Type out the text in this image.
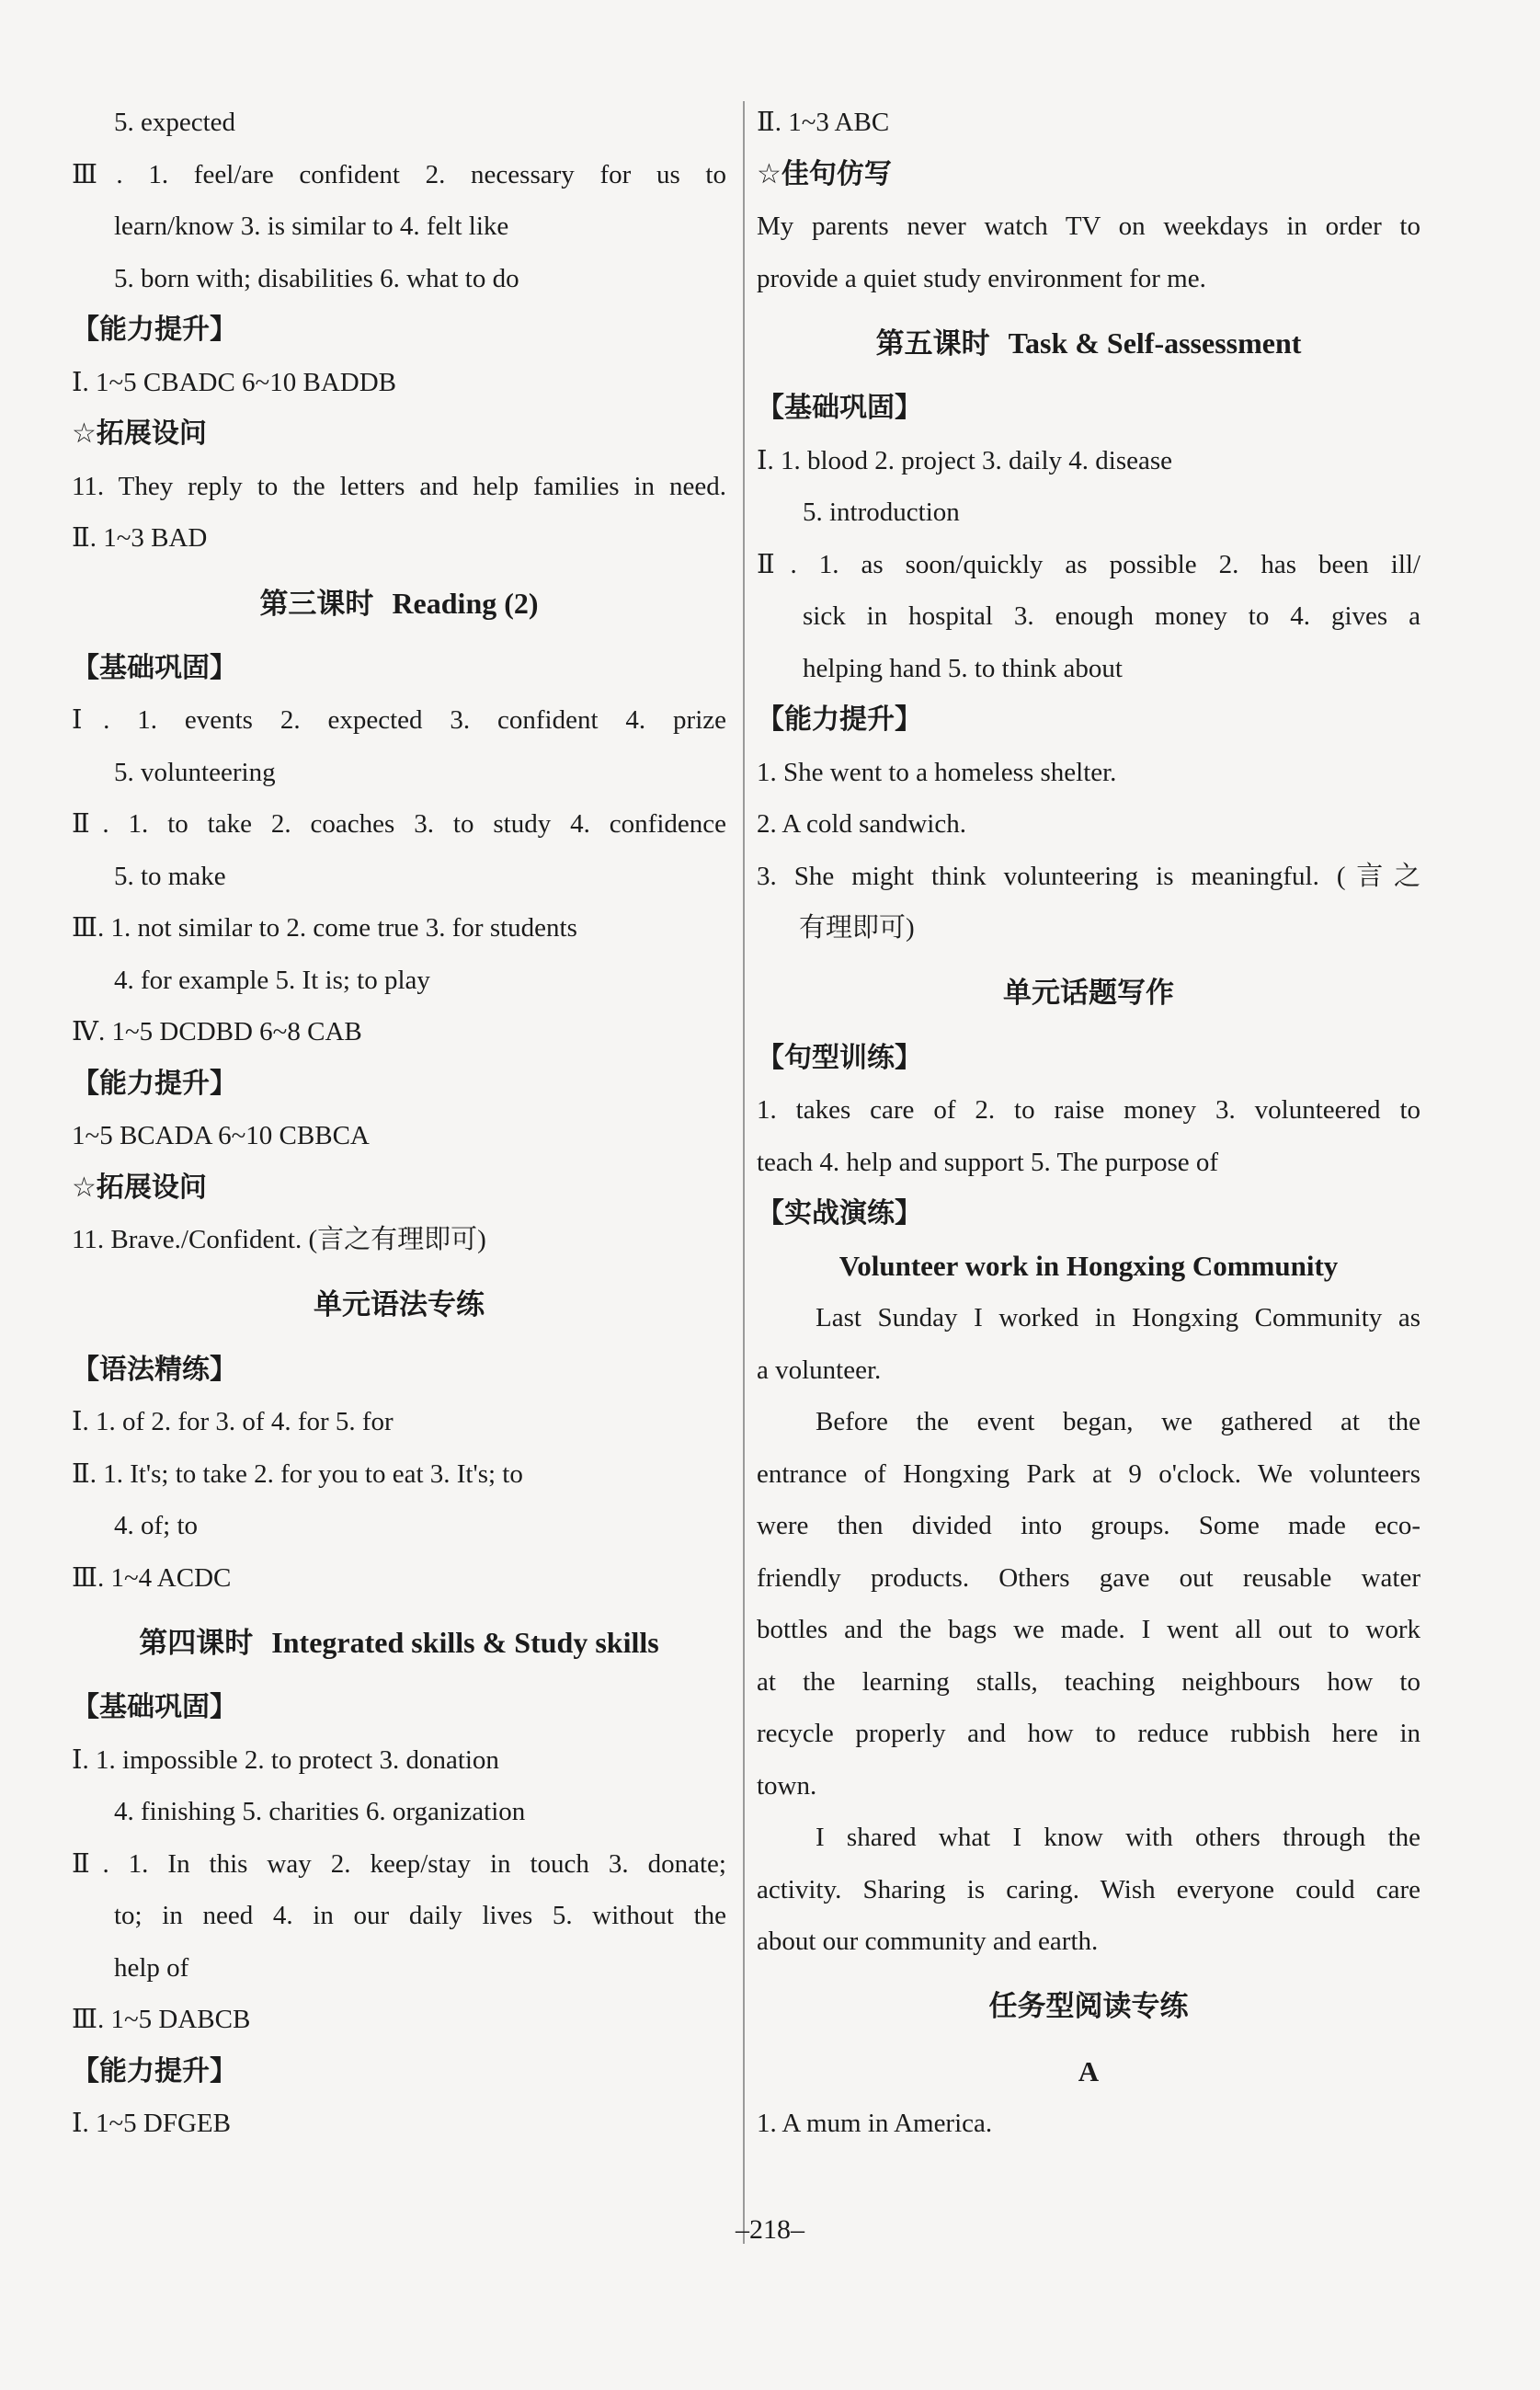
5. expected
Ⅲ. 1. feel/are confident 2. necessary for us to
learn/know 3. is similar to 4. felt like
5. born with; disabilities 6. what to do
【能力提升】
Ⅰ. 1~5 CBADC 6~10 BADDB
☆拓展设问
11. They reply to the letters and help families in need.
Ⅱ. 1~3 BAD
第三课时 Reading (2)
【基础巩固】
Ⅰ. 1. events 2. expected 3. confident 4. prize
5. volunteering
Ⅱ. 1. to take 2. coaches 3. to study 4. confidence
5. to make
Ⅲ. 1. not similar to 2. come true 3. for students
4. for example 5. It is; to play
Ⅳ. 1~5 DCDBD 6~8 CAB
【能力提升】
1~5 BCADA 6~10 CBBCA
☆拓展设问
11. Brave./Confident. (言之有理即可)
单元语法专练
【语法精练】
Ⅰ. 1. of 2. for 3. of 4. for 5. for
Ⅱ. 1. It's; to take 2. for you to eat 3. It's; to
4. of; to
Ⅲ. 1~4 ACDC
第四课时 Integrated skills & Study skills
【基础巩固】
Ⅰ. 1. impossible 2. to protect 3. donation
4. finishing 5. charities 6. organization
Ⅱ. 1. In this way 2. keep/stay in touch 3. donate;
to; in need 4. in our daily lives 5. without the
help of
Ⅲ. 1~5 DABCB
【能力提升】
Ⅰ. 1~5 DFGEB
Ⅱ. 1~3 ABC
☆佳句仿写
My parents never watch TV on weekdays in order to
provide a quiet study environment for me.
第五课时 Task & Self-assessment
【基础巩固】
Ⅰ. 1. blood 2. project 3. daily 4. disease
5. introduction
Ⅱ. 1. as soon/quickly as possible 2. has been ill/
sick in hospital 3. enough money to 4. gives a
helping hand 5. to think about
【能力提升】
1. She went to a homeless shelter.
2. A cold sandwich.
3. She might think volunteering is meaningful. (言之
有理即可)
单元话题写作
【句型训练】
1. takes care of 2. to raise money 3. volunteered to
teach 4. help and support 5. The purpose of
【实战演练】
Volunteer work in Hongxing Community
Last Sunday I worked in Hongxing Community as
a volunteer.
Before the event began, we gathered at the
entrance of Hongxing Park at 9 o'clock. We volunteers
were then divided into groups. Some made eco-
friendly products. Others gave out reusable water
bottles and the bags we made. I went all out to work
at the learning stalls, teaching neighbours how to
recycle properly and how to reduce rubbish here in
town.
I shared what I know with others through the
activity. Sharing is caring. Wish everyone could care
about our community and earth.
任务型阅读专练
A
1. A mum in America.
–218–
